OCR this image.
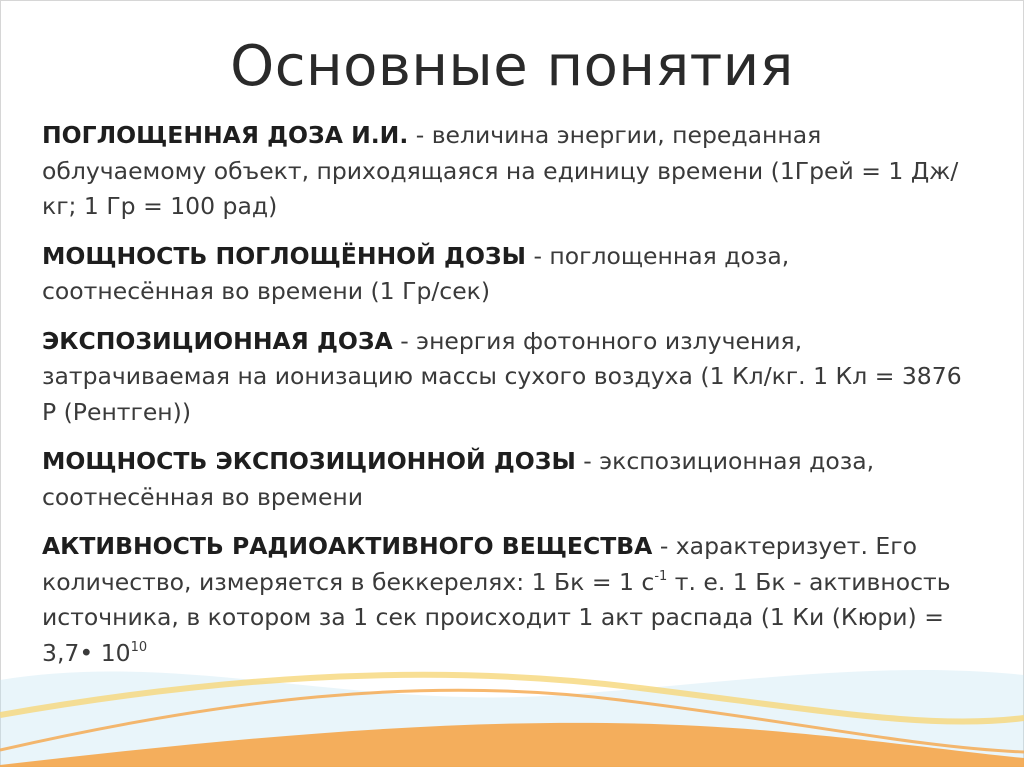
Основные понятия
ПОГЛОЩЕННАЯ ДОЗА И.И. - величина энергии, переданная облучаемому объект, приходящаяся на единицу времени (1Грей = 1 Дж/кг; 1 Гр = 100 рад)
МОЩНОСТЬ ПОГЛОЩЁННОЙ ДОЗЫ - поглощенная доза, соотнесённая во времени (1 Гр/сек)
ЭКСПОЗИЦИОННАЯ ДОЗА - энергия фотонного излучения, затрачиваемая на ионизацию массы сухого воздуха (1 Кл/кг. 1 Кл = 3876 Р (Рентген))
МОЩНОСТЬ ЭКСПОЗИЦИОННОЙ ДОЗЫ - экспозиционная доза, соотнесённая во времени
АКТИВНОСТЬ РАДИОАКТИВНОГО ВЕЩЕСТВА - характеризует. Его количество, измеряется в беккерелях: 1 Бк = 1 $с^{-1}$ т. е. 1 Бк - активность источника, в котором за 1 сек происходит 1 акт распада (1 Ки (Кюри) = 3,7• $10^{10}$
